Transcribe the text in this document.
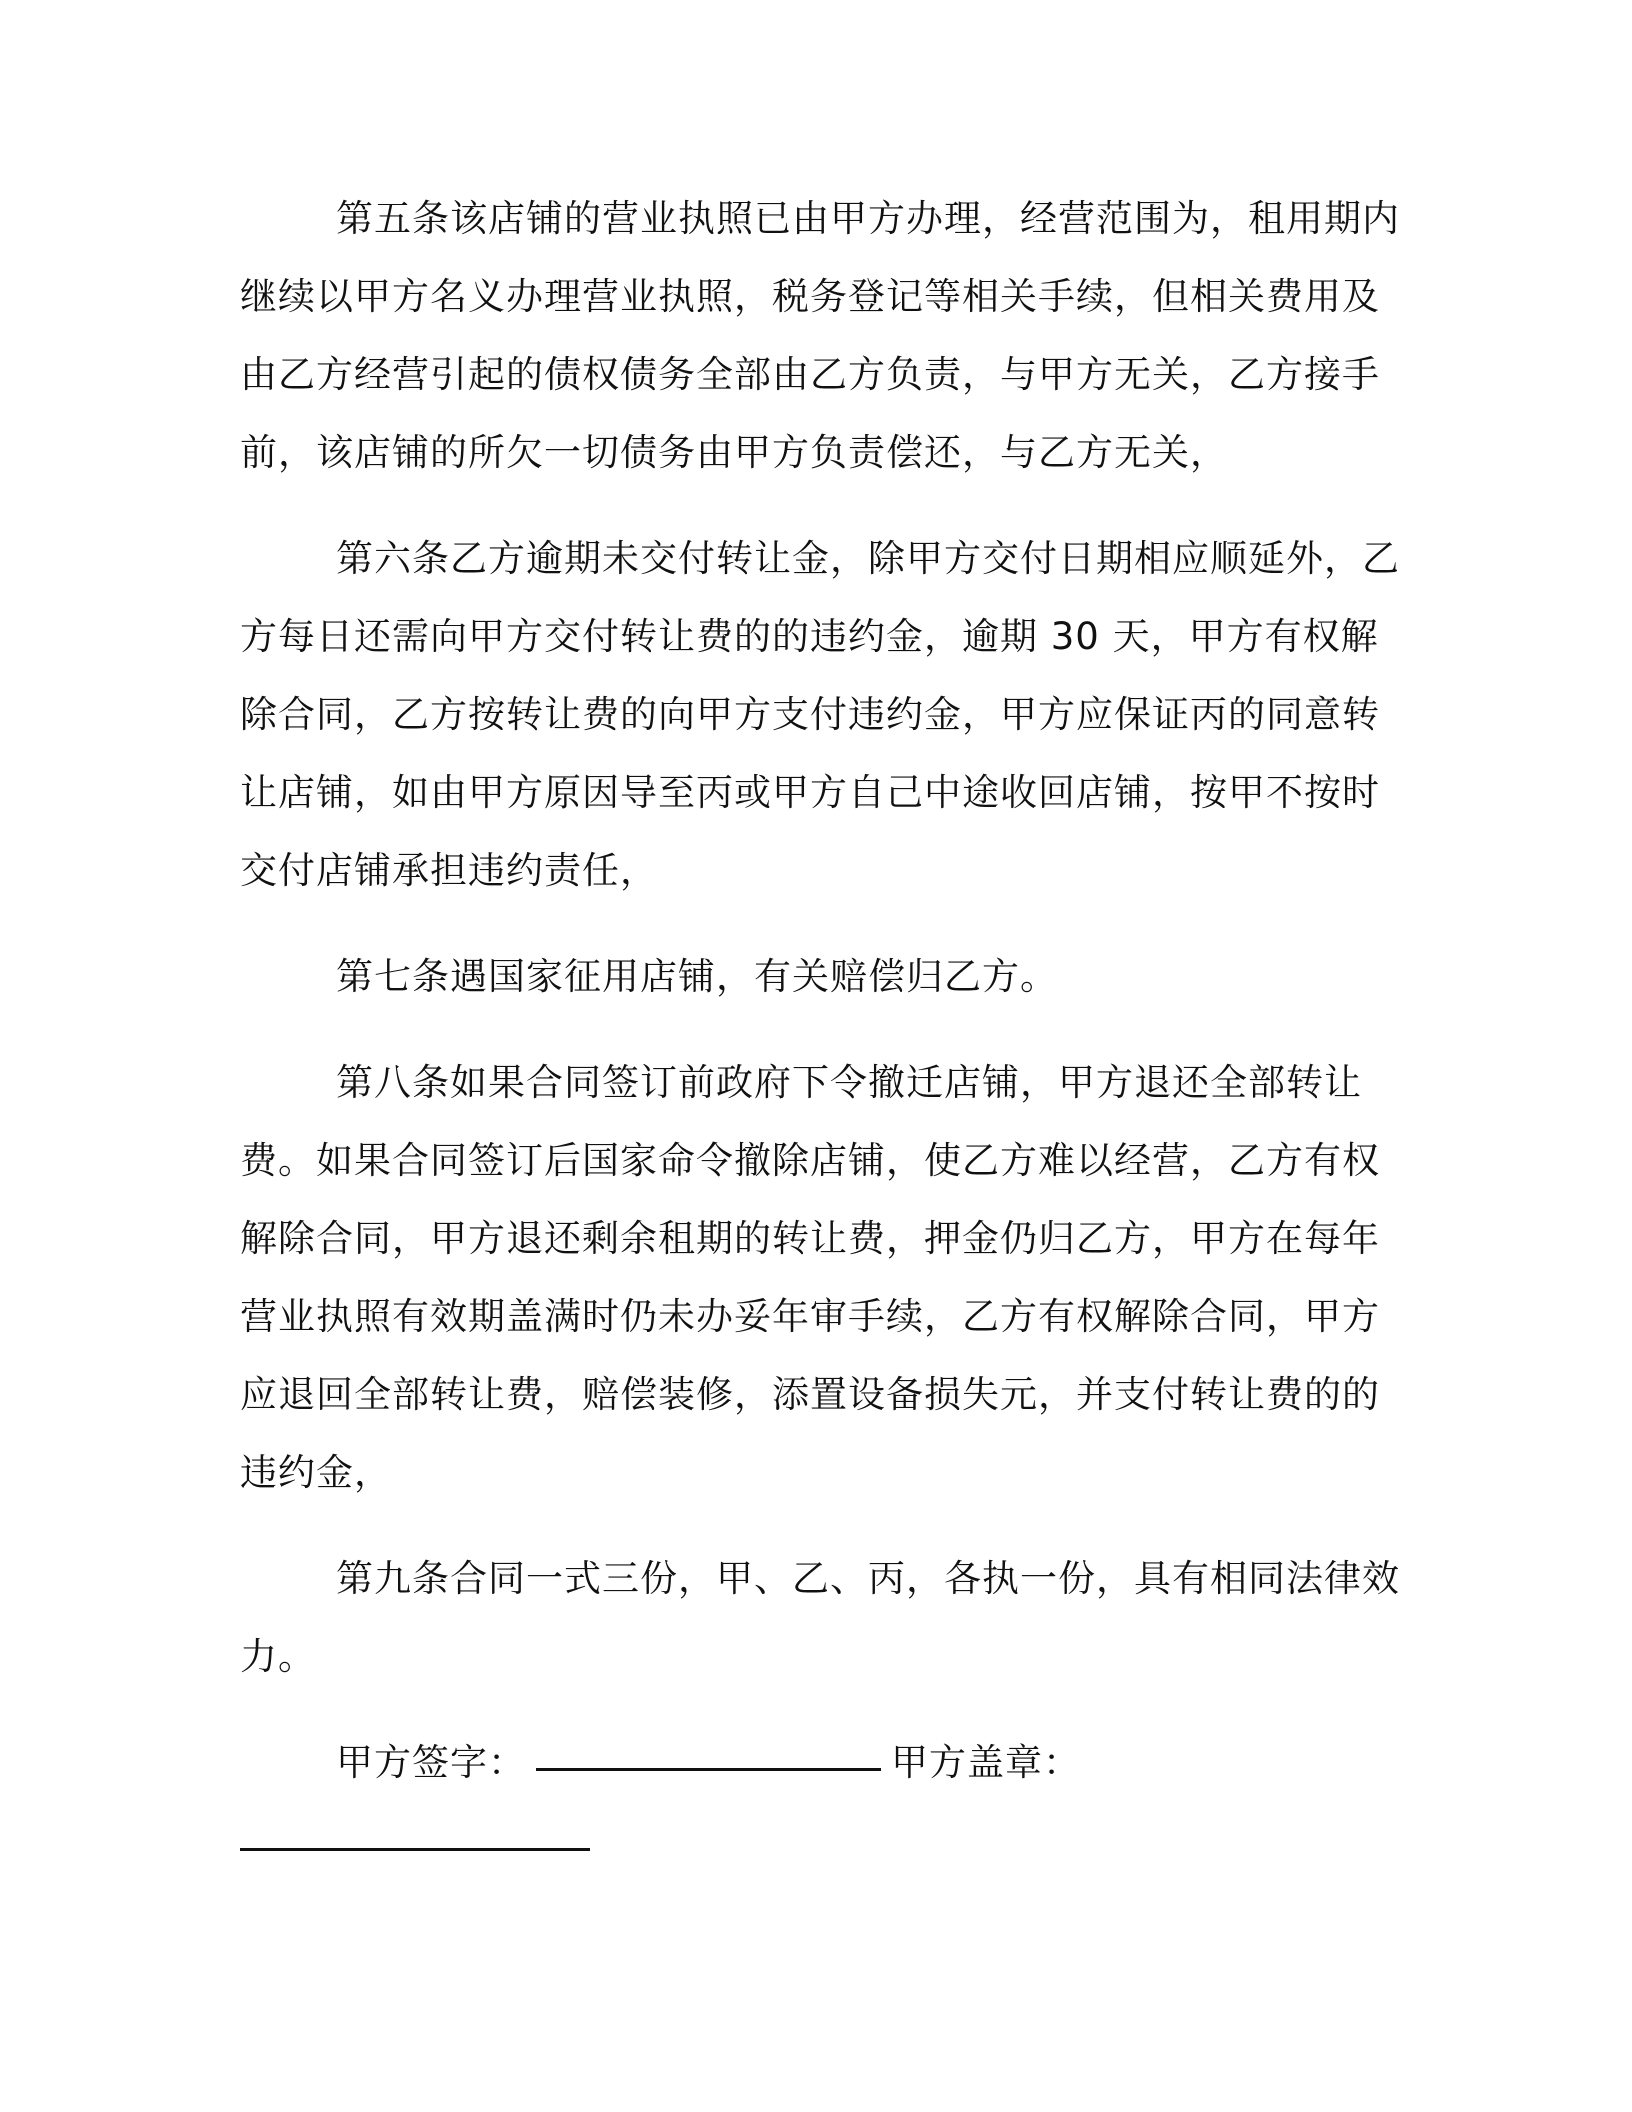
第五条该店铺的营业执照已由甲方办理，经营范围为，租用期内继续以甲方名义办理营业执照，税务登记等相关手续，但相关费用及由乙方经营引起的债权债务全部由乙方负责，与甲方无关，乙方接手前，该店铺的所欠一切债务由甲方负责偿还，与乙方无关，

第六条乙方逾期未交付转让金，除甲方交付日期相应顺延外，乙方每日还需向甲方交付转让费的的违约金，逾期 30 天，甲方有权解除合同，乙方按转让费的向甲方支付违约金，甲方应保证丙的同意转让店铺，如由甲方原因导至丙或甲方自己中途收回店铺，按甲不按时交付店铺承担违约责任，

第七条遇国家征用店铺，有关赔偿归乙方。

第八条如果合同签订前政府下令撤迁店铺，甲方退还全部转让费。如果合同签订后国家命令撤除店铺，使乙方难以经营，乙方有权解除合同，甲方退还剩余租期的转让费，押金仍归乙方，甲方在每年营业执照有效期盖满时仍未办妥年审手续，乙方有权解除合同，甲方应退回全部转让费，赔偿装修，添置设备损失元，并支付转让费的的违约金，

第九条合同一式三份，甲、乙、丙，各执一份，具有相同法律效力。

甲方签字：	甲方盖章：
